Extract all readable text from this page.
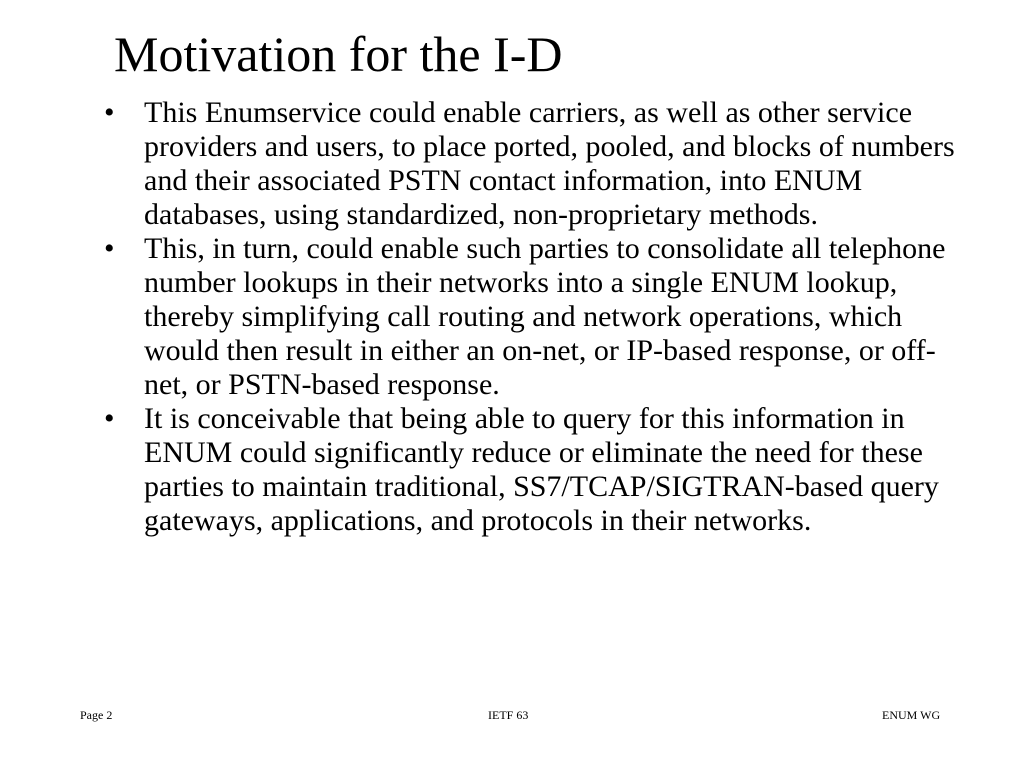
Motivation for the I-D
• This Enumservice could enable carriers, as well as other service providers and users, to place ported, pooled, and blocks of numbers and their associated PSTN contact information, into ENUM databases, using standardized, non-proprietary methods.
• This, in turn, could enable such parties to consolidate all telephone number lookups in their networks into a single ENUM lookup, thereby simplifying call routing and network operations, which would then result in either an on-net, or IP-based response, or off-net, or PSTN-based response.
• It is conceivable that being able to query for this information in ENUM could significantly reduce or eliminate the need for these parties to maintain traditional, SS7/TCAP/SIGTRAN-based query gateways, applications, and protocols in their networks.
Page 2	IETF 63	ENUM WG
